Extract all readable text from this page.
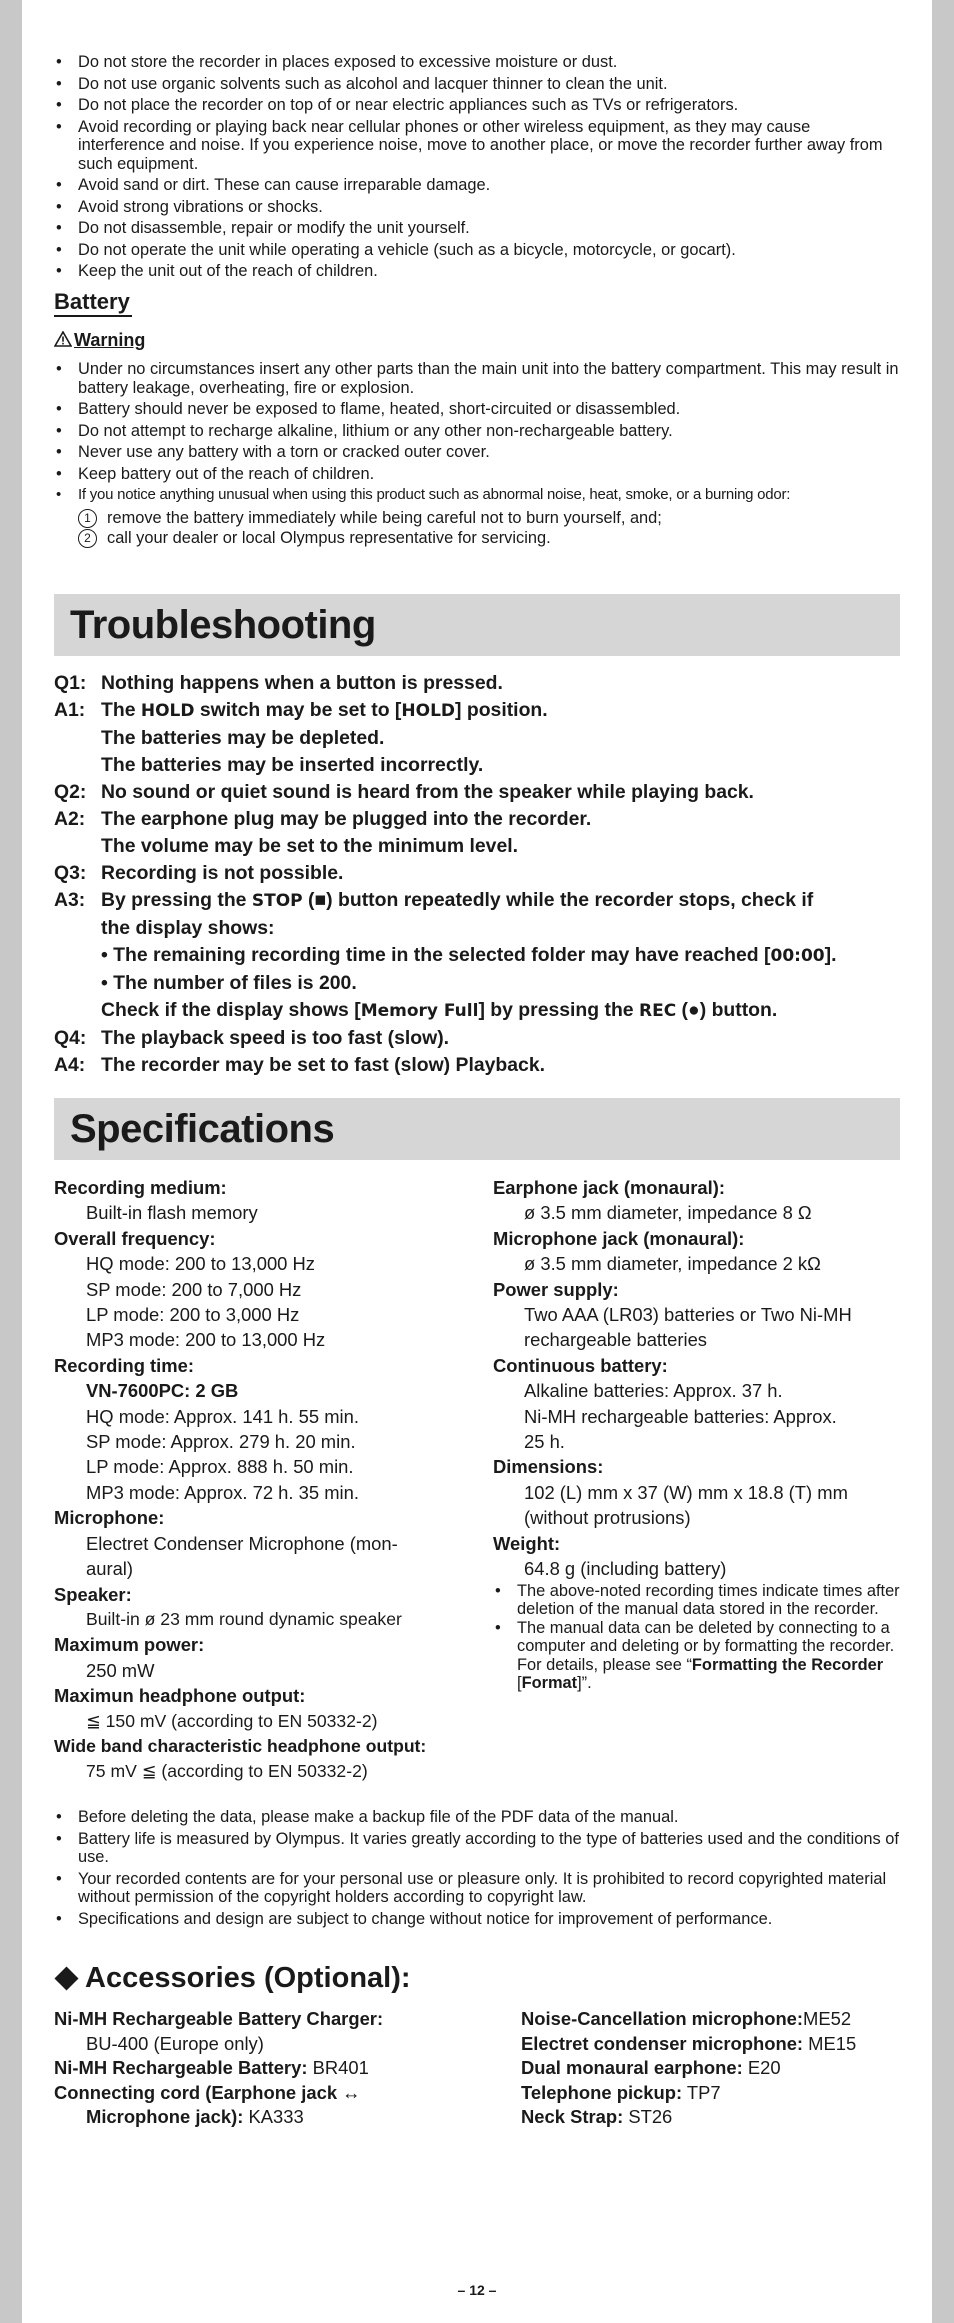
• Do not store the recorder in places exposed to excessive moisture or dust.
• Do not use organic solvents such as alcohol and lacquer thinner to clean the unit.
• Do not place the recorder on top of or near electric appliances such as TVs or refrigerators.
• Avoid recording or playing back near cellular phones or other wireless equipment, as they may cause interference and noise. If you experience noise, move to another place, or move the recorder further away from such equipment.
• Avoid sand or dirt. These can cause irreparable damage.
• Avoid strong vibrations or shocks.
• Do not disassemble, repair or modify the unit yourself.
• Do not operate the unit while operating a vehicle (such as a bicycle, motorcycle, or gocart).
• Keep the unit out of the reach of children.
Battery
Warning
• Under no circumstances insert any other parts than the main unit into the battery compartment. This may result in battery leakage, overheating, fire or explosion.
• Battery should never be exposed to flame, heated, short-circuited or disassembled.
• Do not attempt to recharge alkaline, lithium or any other non-rechargeable battery.
• Never use any battery with a torn or cracked outer cover.
• Keep battery out of the reach of children.
• If you notice anything unusual when using this product such as abnormal noise, heat, smoke, or a burning odor:
1 remove the battery immediately while being careful not to burn yourself, and;
2 call your dealer or local Olympus representative for servicing.
Troubleshooting
Q1: Nothing happens when a button is pressed.
A1: The HOLD switch may be set to [HOLD] position.
The batteries may be depleted.
The batteries may be inserted incorrectly.
Q2: No sound or quiet sound is heard from the speaker while playing back.
A2: The earphone plug may be plugged into the recorder.
The volume may be set to the minimum level.
Q3: Recording is not possible.
A3: By pressing the STOP (■) button repeatedly while the recorder stops, check if
the display shows:
• The remaining recording time in the selected folder may have reached [00:00].
• The number of files is 200.
Check if the display shows [Memory Full] by pressing the REC (●) button.
Q4: The playback speed is too fast (slow).
A4: The recorder may be set to fast (slow) Playback.
Specifications
Recording medium:
Built-in flash memory
Overall frequency:
HQ mode: 200 to 13,000 Hz
SP mode: 200 to 7,000 Hz
LP mode: 200 to 3,000 Hz
MP3 mode: 200 to 13,000 Hz
Recording time:
VN-7600PC: 2 GB
HQ mode: Approx. 141 h. 55 min.
SP mode: Approx. 279 h. 20 min.
LP mode: Approx. 888 h. 50 min.
MP3 mode: Approx. 72 h. 35 min.
Microphone:
Electret Condenser Microphone (mon-
aural)
Speaker:
Built-in ø 23 mm round dynamic speaker
Maximum power:
250 mW
Maximun headphone output:
≦ 150 mV (according to EN 50332-2)
Wide band characteristic headphone output:
75 mV ≦ (according to EN 50332-2)
Earphone jack (monaural):
ø 3.5 mm diameter, impedance 8 Ω
Microphone jack (monaural):
ø 3.5 mm diameter, impedance 2 kΩ
Power supply:
Two AAA (LR03) batteries or Two Ni-MH
rechargeable batteries
Continuous battery:
Alkaline batteries: Approx. 37 h.
Ni-MH rechargeable batteries: Approx.
25 h.
Dimensions:
102 (L) mm x 37 (W) mm x 18.8 (T) mm
(without protrusions)
Weight:
64.8 g (including battery)
• The above-noted recording times indicate times after deletion of the manual data stored in the recorder.
• The manual data can be deleted by connecting to a computer and deleting or by formatting the recorder. For details, please see “Formatting the Recorder [Format]”.
• Before deleting the data, please make a backup file of the PDF data of the manual.
• Battery life is measured by Olympus. It varies greatly according to the type of batteries used and the conditions of use.
• Your recorded contents are for your personal use or pleasure only. It is prohibited to record copyrighted material without permission of the copyright holders according to copyright law.
• Specifications and design are subject to change without notice for improvement of performance.
Accessories (Optional):
Ni-MH Rechargeable Battery Charger:
BU-400 (Europe only)
Ni-MH Rechargeable Battery: BR401
Connecting cord (Earphone jack ↔
Microphone jack): KA333
Noise-Cancellation microphone:ME52
Electret condenser microphone: ME15
Dual monaural earphone: E20
Telephone pickup: TP7
Neck Strap: ST26
– 12 –
